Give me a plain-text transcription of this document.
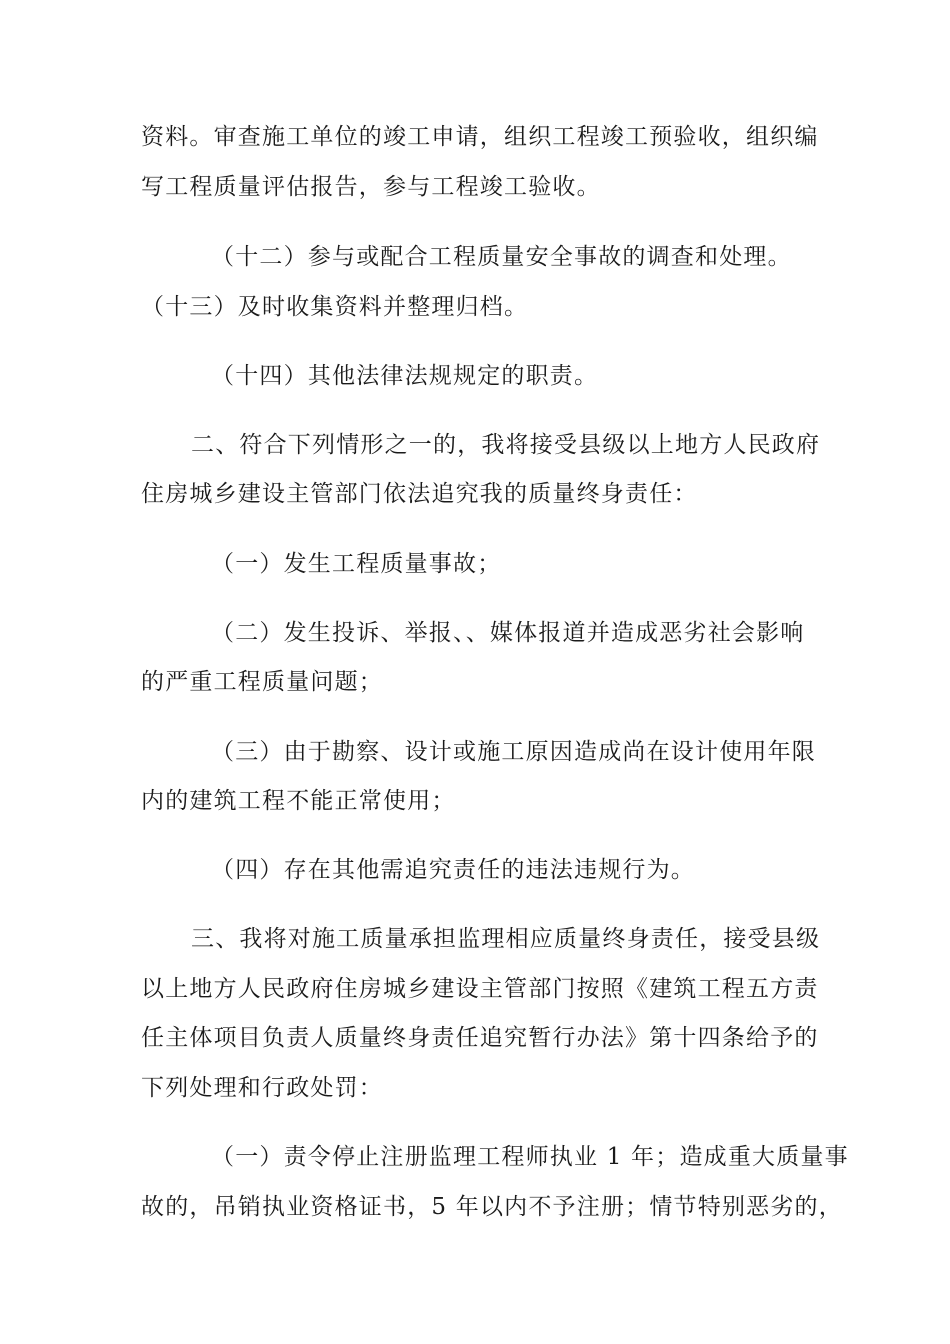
资料。审查施工单位的竣工申请，组织工程竣工预验收，组织编

写工程质量评估报告，参与工程竣工验收。

（十二）参与或配合工程质量安全事故的调查和处理。

（十三）及时收集资料并整理归档。

（十四）其他法律法规规定的职责。

二、符合下列情形之一的，我将接受县级以上地方人民政府

住房城乡建设主管部门依法追究我的质量终身责任：

（一）发生工程质量事故；

（二）发生投诉、举报、、媒体报道并造成恶劣社会影响

的严重工程质量问题；

（三）由于勘察、设计或施工原因造成尚在设计使用年限

内的建筑工程不能正常使用；

（四）存在其他需追究责任的违法违规行为。

三、我将对施工质量承担监理相应质量终身责任，接受县级

以上地方人民政府住房城乡建设主管部门按照《建筑工程五方责

任主体项目负责人质量终身责任追究暂行办法》第十四条给予的

下列处理和行政处罚：

（一）责令停止注册监理工程师执业 1 年；造成重大质量事

故的，吊销执业资格证书，5 年以内不予注册；情节特别恶劣的，
